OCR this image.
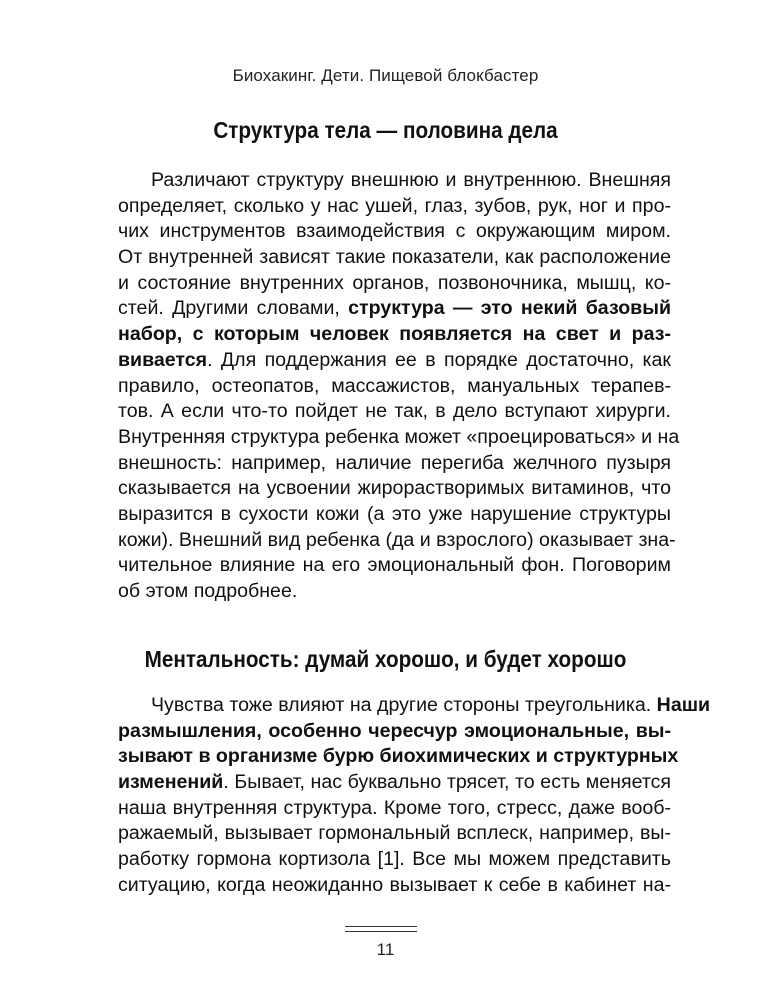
Биохакинг. Дети. Пищевой блокбастер
Структура тела — половина дела
Различают структуру внешнюю и внутреннюю. Внешняя
определяет, сколько у нас ушей, глаз, зубов, рук, ног и про-
чих инструментов взаимодействия с окружающим миром.
От внутренней зависят такие показатели, как расположение
и состояние внутренних органов, позвоночника, мышц, ко-
стей. Другими словами, структура — это некий базовый
набор, с которым человек появляется на свет и раз-
вивается. Для поддержания ее в порядке достаточно, как
правило, остеопатов, массажистов, мануальных терапев-
тов. А если что-то пойдет не так, в дело вступают хирурги.
Внутренняя структура ребенка может «проецироваться» и на
внешность: например, наличие перегиба желчного пузыря
сказывается на усвоении жирорастворимых витаминов, что
выразится в сухости кожи (а это уже нарушение структуры
кожи). Внешний вид ребенка (да и взрослого) оказывает зна-
чительное влияние на его эмоциональный фон. Поговорим
об этом подробнее.
Ментальность: думай хорошо, и будет хорошо
Чувства тоже влияют на другие стороны треугольника. Наши
размышления, особенно чересчур эмоциональные, вы-
зывают в организме бурю биохимических и структурных
изменений. Бывает, нас буквально трясет, то есть меняется
наша внутренняя структура. Кроме того, стресс, даже вооб-
ражаемый, вызывает гормональный всплеск, например, вы-
работку гормона кортизола [1]. Все мы можем представить
ситуацию, когда неожиданно вызывает к себе в кабинет на-
11
